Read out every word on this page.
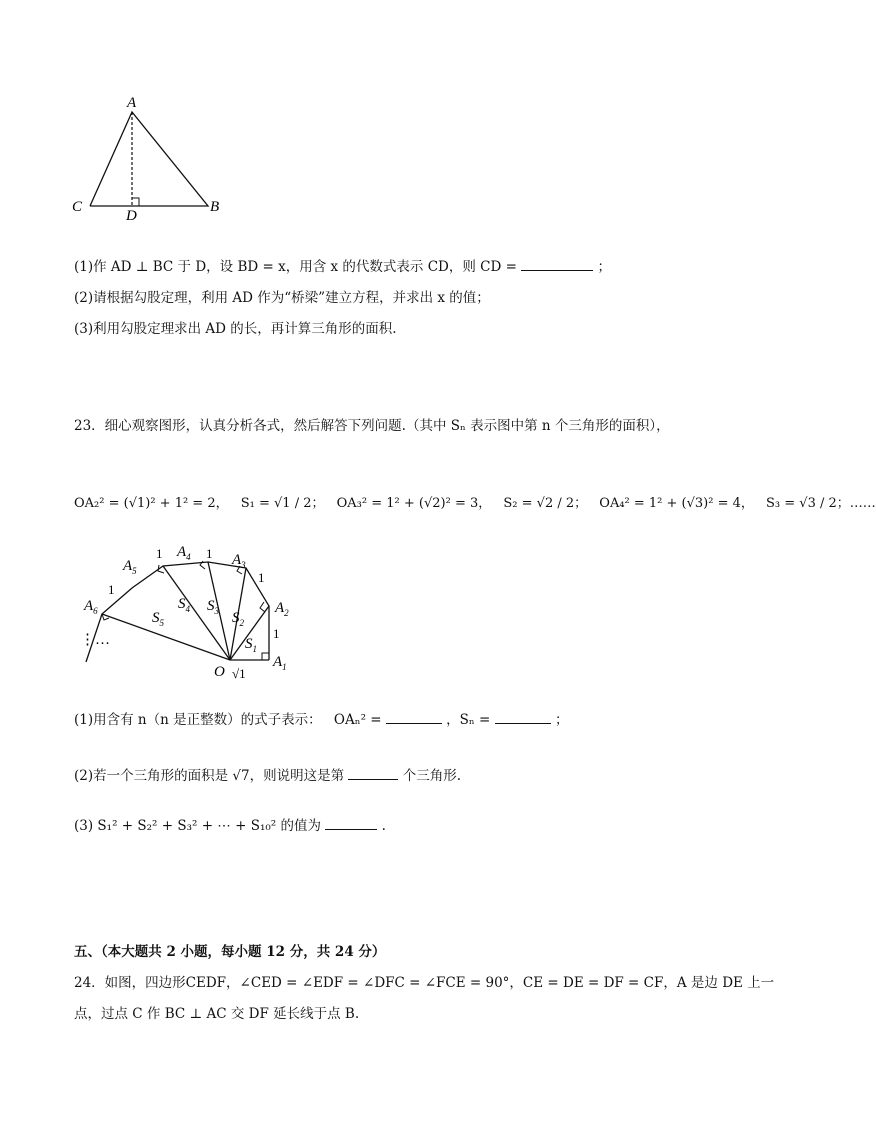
A
C
D
B
(1)作 AD ⊥ BC 于 D，设 BD = x，用含 x 的代数式表示 CD，则 CD =	；
(2)请根据勾股定理，利用 AD 作为“桥梁”建立方程，并求出 x 的值；
(3)利用勾股定理求出 AD 的长，再计算三角形的面积.
23．细心观察图形，认真分析各式，然后解答下列问题.（其中 Sₙ 表示图中第 n 个三角形的面积），
OA₂² = (√1)² + 1² = 2， S₁ = √1 / 2； OA₃² = 1² + (√2)² = 3， S₂ = √2 / 2； OA₄² = 1² + (√3)² = 4， S₃ = √3 / 2；……
$A_1$
$A_2$
$A_3$
$A_4$
$A_5$
$A_6$
O
$S_1$
$S_2$
$S_3$
$S_4$
$S_5$
1
1
1
1
1
√1
⋮…
(1)用含有 n（n 是正整数）的式子表示： OAₙ² =	，Sₙ =	；
(2)若一个三角形的面积是 √7，则说明这是第	个三角形.
(3) S₁² + S₂² + S₃² + ⋯ + S₁₀² 的值为	.
五、（本大题共 2 小题，每小题 12 分，共 24 分）
24．如图，四边形CEDF，∠CED = ∠EDF = ∠DFC = ∠FCE = 90°，CE = DE = DF = CF，A 是边 DE 上一
点，过点 C 作 BC ⊥ AC 交 DF 延长线于点 B.
